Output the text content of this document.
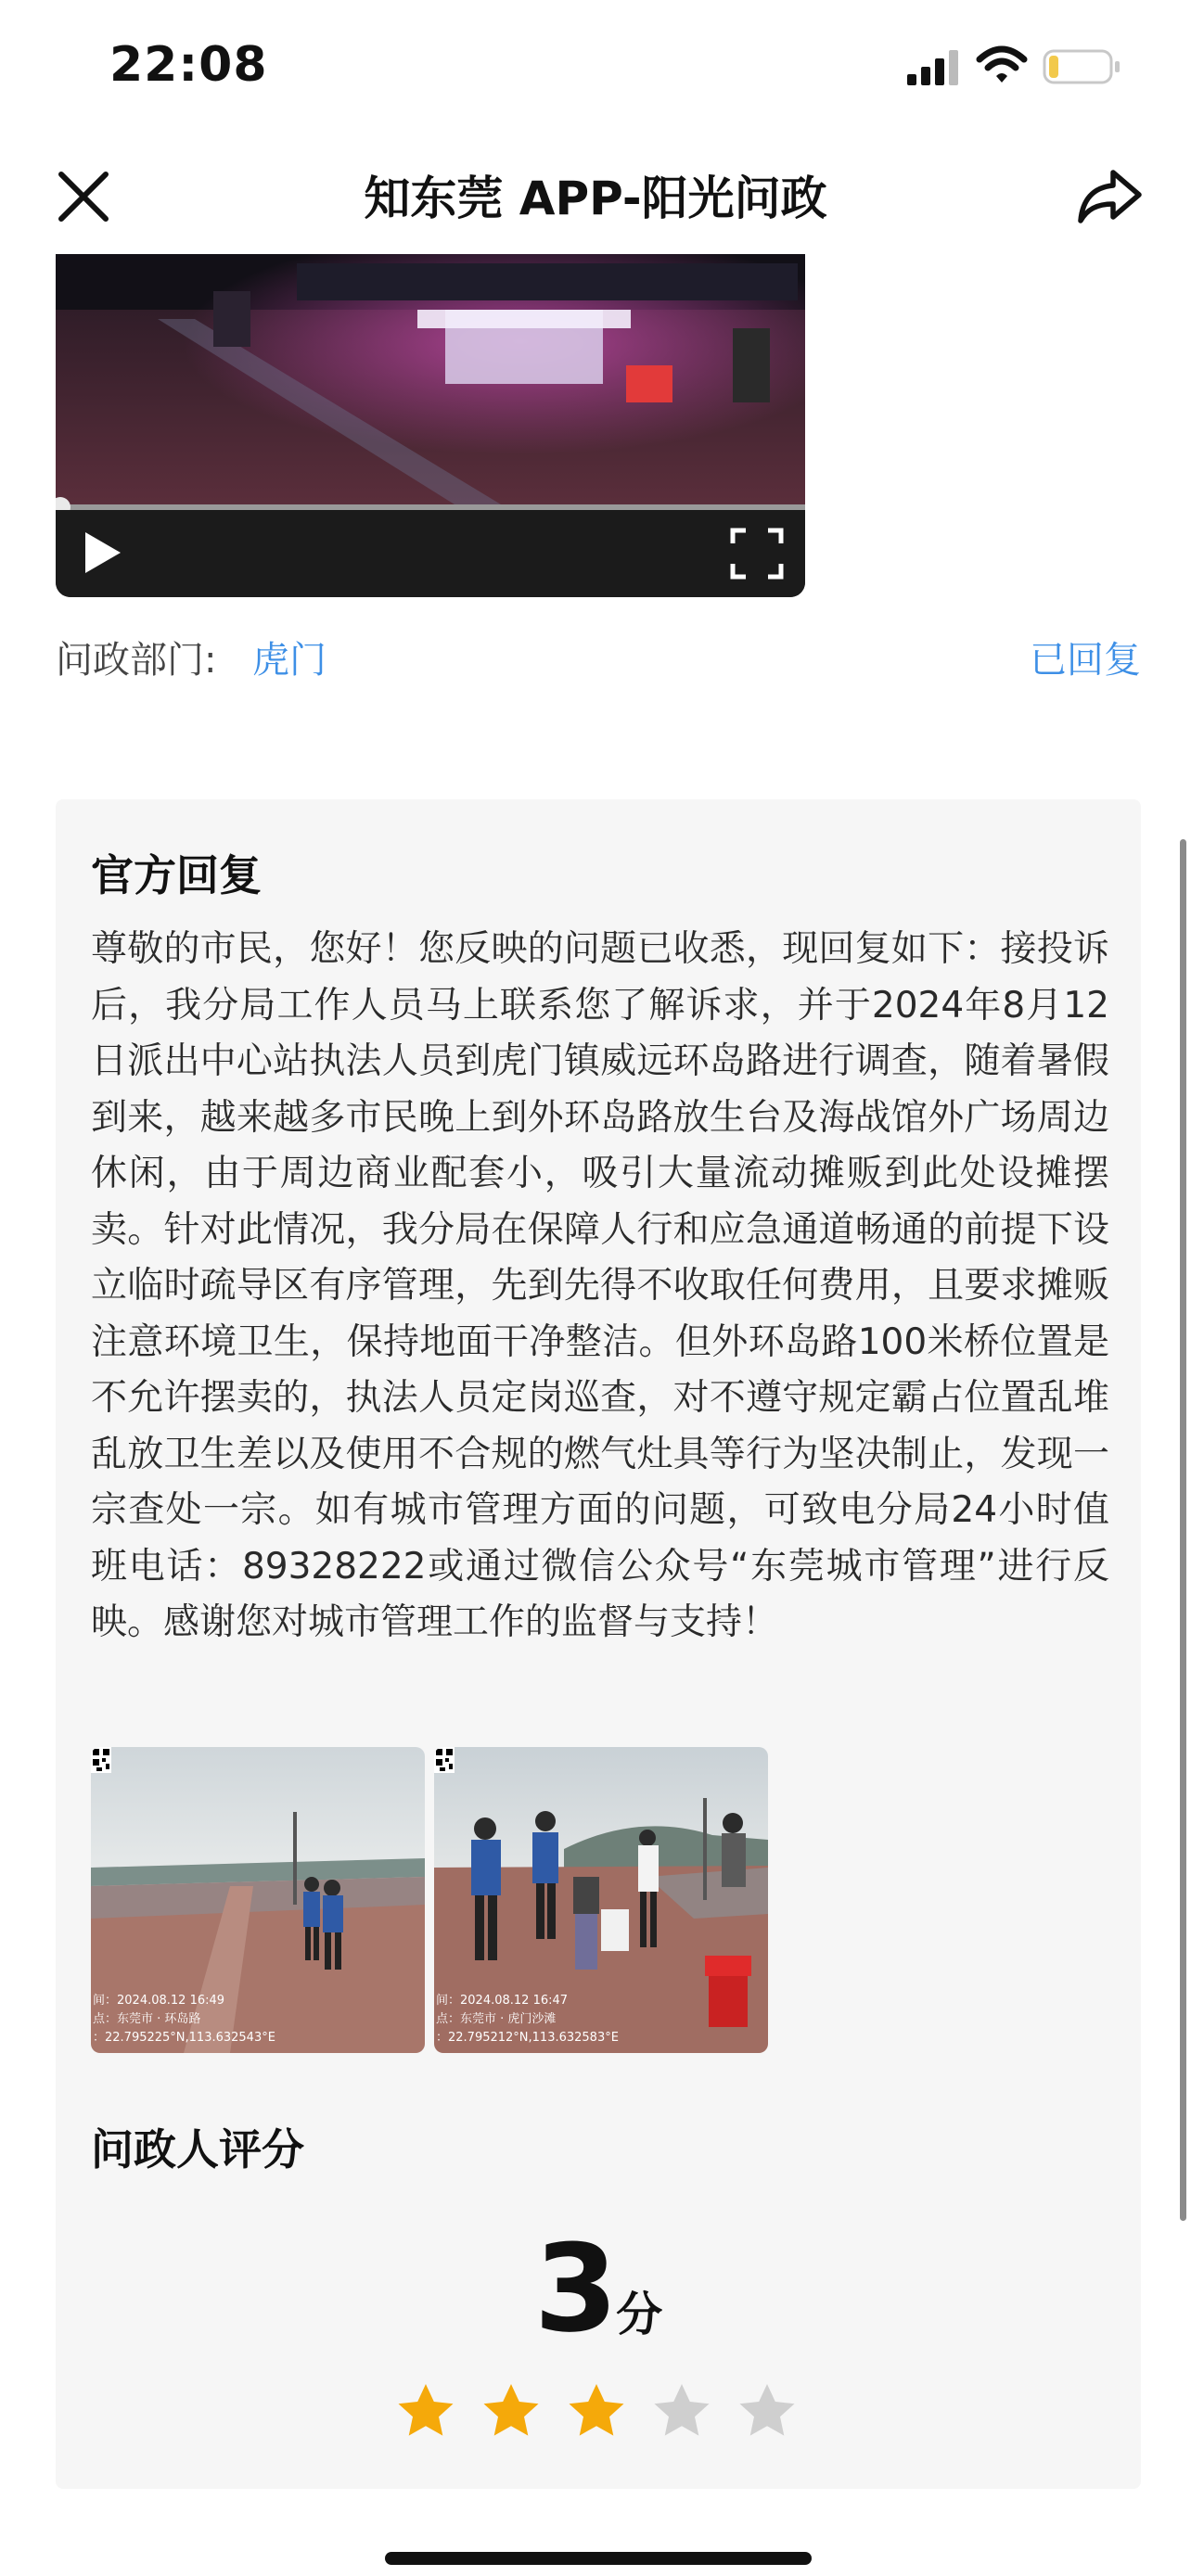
22:08
知东莞 APP-阳光问政
问政部门: 虎门	已回复
官方回复
尊敬的市民，您好！您反映的问题已收悉，现回复如下：接投诉后，我分局工作人员马上联系您了解诉求，并于2024年8月12日派出中心站执法人员到虎门镇威远环岛路进行调查，随着暑假到来，越来越多市民晚上到外环岛路放生台及海战馆外广场周边休闲，由于周边商业配套小，吸引大量流动摊贩到此处设摊摆卖。针对此情况，我分局在保障人行和应急通道畅通的前提下设立临时疏导区有序管理，先到先得不收取任何费用，且要求摊贩注意环境卫生，保持地面干净整洁。但外环岛路100米桥位置是不允许摆卖的，执法人员定岗巡查，对不遵守规定霸占位置乱堆乱放卫生差以及使用不合规的燃气灶具等行为坚决制止，发现一宗查处一宗。如有城市管理方面的问题，可致电分局24小时值班电话：89328222或通过微信公众号“东莞城市管理”进行反映。感谢您对城市管理工作的监督与支持！
间：2024.08.12 16:49
点：东莞市 · 环岛路
：22.795225°N,113.632543°E
间：2024.08.12 16:47
点：东莞市 · 虎门沙滩
：22.795212°N,113.632583°E
问政人评分
3分
